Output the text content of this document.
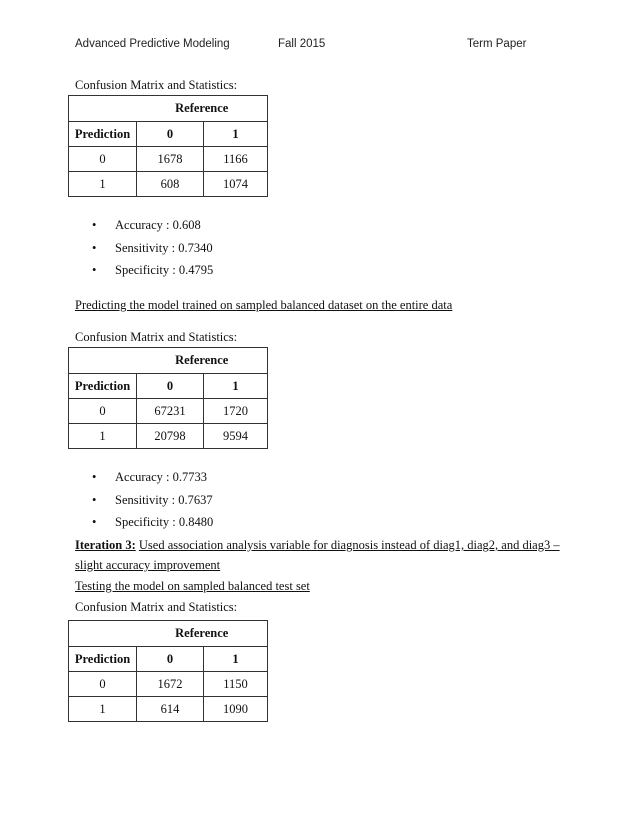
Advanced Predictive Modeling	Fall 2015	Term Paper
Confusion Matrix and Statistics:
	Reference	
Prediction	0	1
0	1678	1166
1	608	1074
• Accuracy : 0.608
• Sensitivity : 0.7340
• Specificity : 0.4795
Predicting the model trained on sampled balanced dataset on the entire data
Confusion Matrix and Statistics:
	Reference	
Prediction	0	1
0	67231	1720
1	20798	9594
• Accuracy : 0.7733
• Sensitivity : 0.7637
• Specificity : 0.8480
Iteration 3: Used association analysis variable for diagnosis instead of diag1, diag2, and diag3 –
slight accuracy improvement
Testing the model on sampled balanced test set
Confusion Matrix and Statistics:
	Reference	
Prediction	0	1
0	1672	1150
1	614	1090
